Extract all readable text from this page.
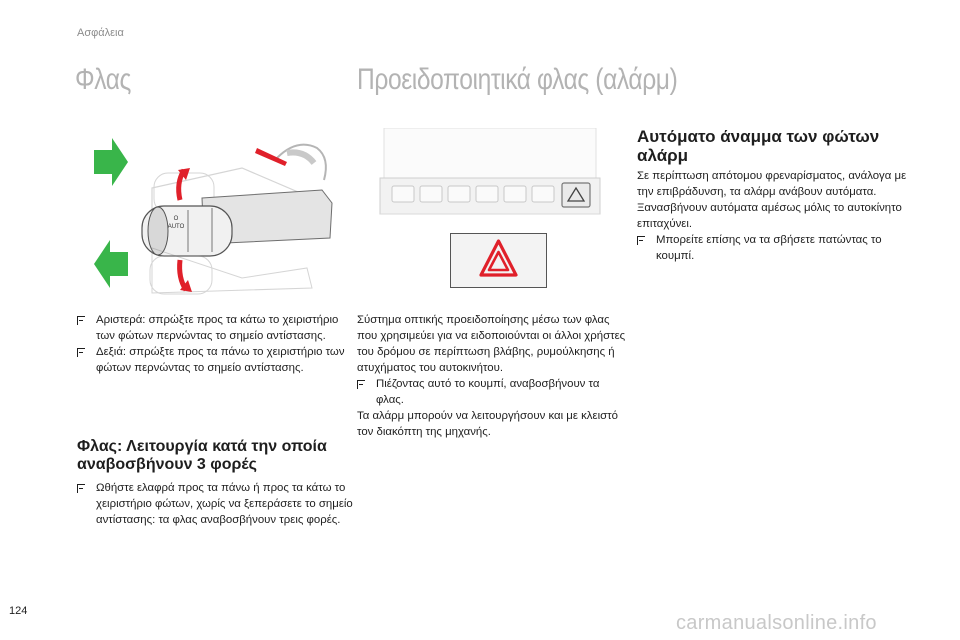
Ασφάλεια
Φλας	Προειδοποιητικά φλας (αλάρμ)
AUTO
O
Αυτόματο άναμμα των φώτων αλάρμ

Σε περίπτωση απότομου φρεναρίσματος, ανάλογα με την επιβράδυνση, τα αλάρμ ανάβουν αυτόματα. Ξανασβήνουν αυτόματα αμέσως μόλις το αυτοκίνητο επιταχύνει.

Μπορείτε επίσης να τα σβήσετε πατώντας το κουμπί.
Αριστερά: σπρώξτε προς τα κάτω το χειριστήριο των φώτων περνώντας το σημείο αντίστασης.
Δεξιά: σπρώξτε προς τα πάνω το χειριστήριο των φώτων περνώντας το σημείο αντίστασης.
Φλας: Λειτουργία κατά την οποία αναβοσβήνουν 3 φορές
Ωθήστε ελαφρά προς τα πάνω ή προς τα κάτω το χειριστήριο φώτων, χωρίς να ξεπεράσετε το σημείο αντίστασης: τα φλας αναβοσβήνουν τρεις φορές.

Σύστημα οπτικής προειδοποίησης μέσω των φλας που χρησιμεύει για να ειδοποιούνται οι άλλοι χρήστες του δρόμου σε περίπτωση βλάβης, ρυμούλκησης ή ατυχήματος του αυτοκινήτου.

Πιέζοντας αυτό το κουμπί, αναβοσβήνουν τα φλας.

Τα αλάρμ μπορούν να λειτουργήσουν και με κλειστό τον διακόπτη της μηχανής.

124
carmanualsonline.info
